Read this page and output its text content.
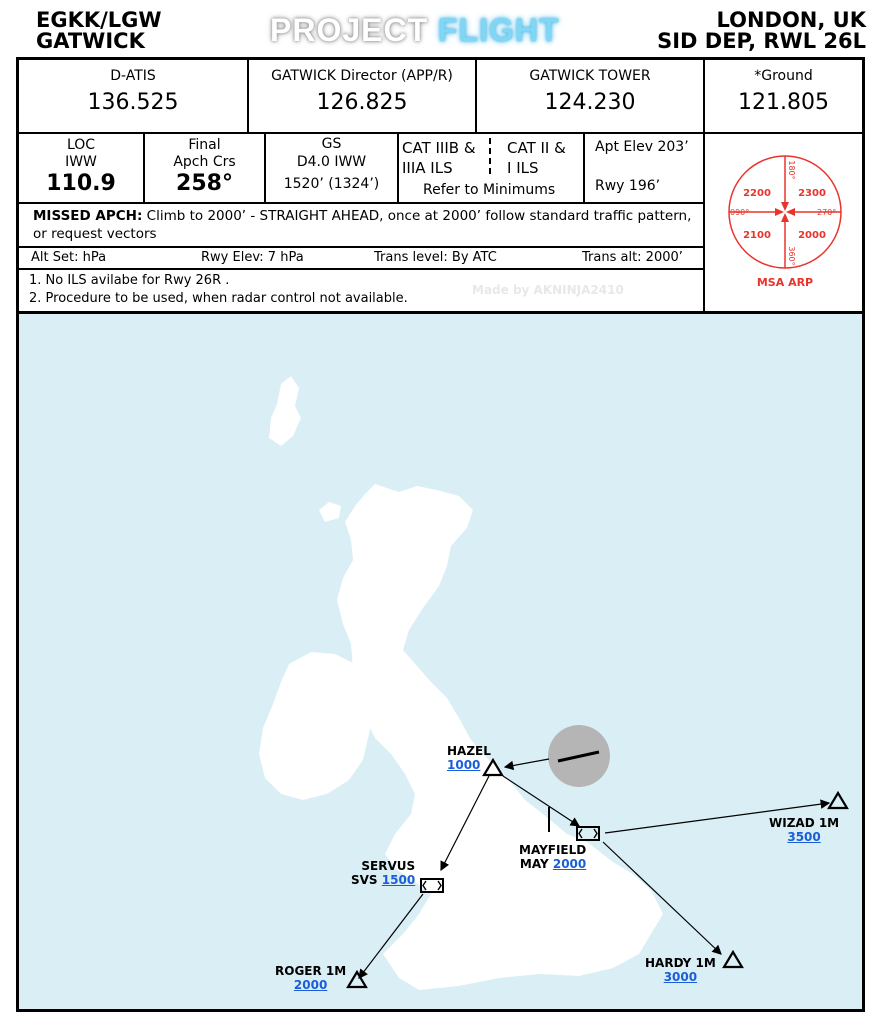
EGKK/LGW
GATWICK	PROJECT FLIGHT	LONDON, UK
SID DEP, RWL 26L
D-ATIS
136.525
GATWICK Director (APP/R)
126.825
GATWICK TOWER
124.230
*Ground
121.805
LOC
IWW
110.9
Final
Apch Crs
258°
GS
D4.0 IWW
1520’ (1324’)
CAT IIIB &
IIIA ILS
CAT II &
I ILS
Refer to Minimums
Apt Elev 203’
Rwy 196’
MISSED APCH: Climb to 2000’ - STRAIGHT AHEAD, once at 2000’ follow standard traffic pattern, or request vectors
Alt Set: hPa	Rwy Elev: 7 hPa	Trans level: By ATC	Trans alt: 2000’
1. No ILS avilabe for Rwy 26R .
2. Procedure to be used, when radar control not available.
Made by AKNINJA2410
2200	2300
2100	2000
180°
360°
090°	270°
MSA ARP
HAZEL
1000
MAYFIELD
MAY 2000
WIZAD 1M
3500
SERVUS
SVS 1500
ROGER 1M
2000
HARDY 1M
3000
